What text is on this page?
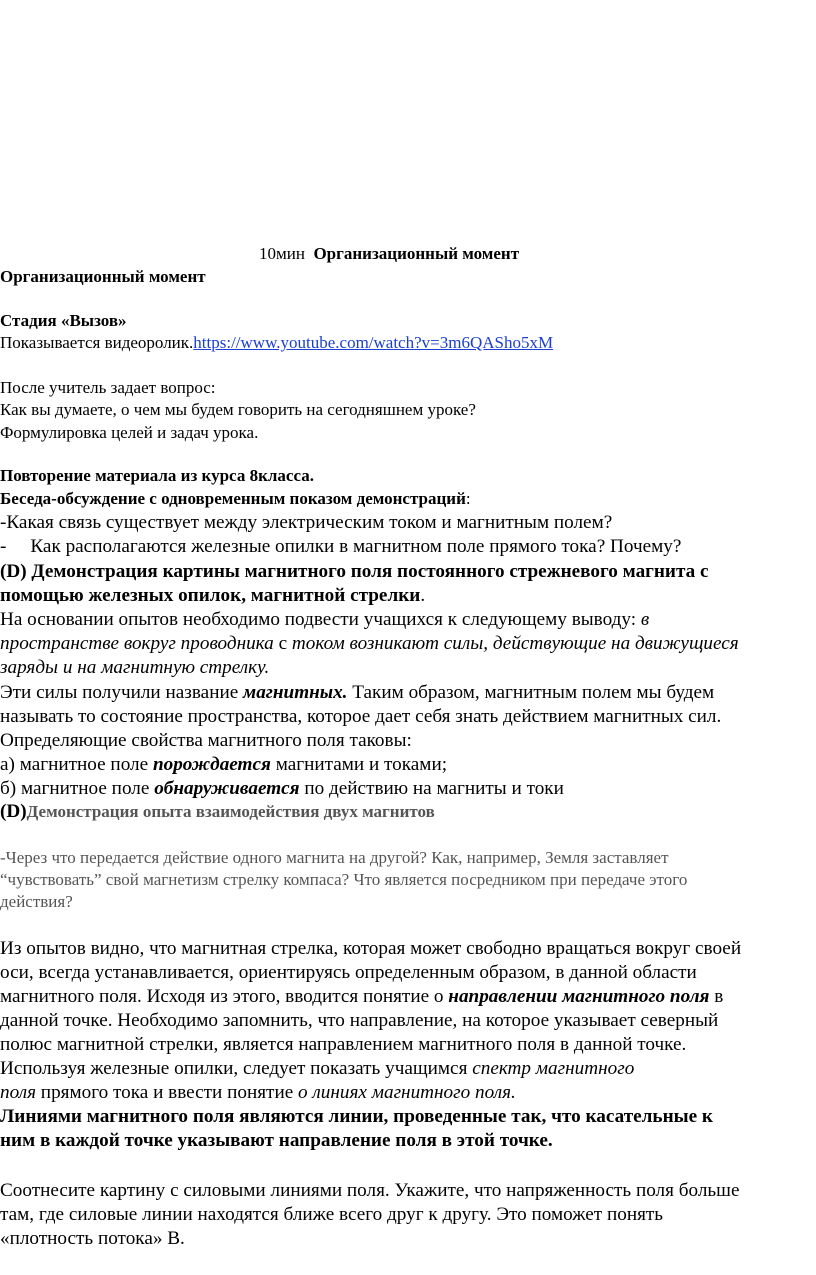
10мин Организационный момент
Организационный момент
Стадия «Вызов»
Показывается видеоролик.https://www.youtube.com/watch?v=3m6QAShо5xM
После учитель задает вопрос:
Как вы думаете, о чем мы будем говорить на сегодняшнем уроке?
Формулировка целей и задач урока.
Повторение материала из курса 8класса.
Беседа-обсуждение с одновременным показом демонстраций:
-Какая связь существует между электрическим током и магнитным полем?
- Как располагаются железные опилки в магнитном поле прямого тока? Почему?
(D) Демонстрация картины магнитного поля постоянного стрежневого магнита с
помощью железных опилок, магнитной стрелки.
На основании опытов необходимо подвести учащихся к следующему выводу: в
пространстве вокруг проводника с током возникают силы, действующие на движущиеся
заряды и на магнитную стрелку.
Эти силы получили название магнитных. Таким образом, магнитным полем мы будем
называть то состояние пространства, которое дает себя знать действием магнитных сил.
Определяющие свойства магнитного поля таковы:
а) магнитное поле порождается магнитами и токами;
б) магнитное поле обнаруживается по действию на магниты и токи
(D)Демонстрация опыта взаимодействия двух магнитов
-Через что передается действие одного магнита на другой? Как, например, Земля заставляет
“чувствовать” свой магнетизм стрелку компаса? Что является посредником при передаче этого
действия?
Из опытов видно, что магнитная стрелка, которая может свободно вращаться вокруг своей
оси, всегда устанавливается, ориентируясь определенным образом, в данной области
магнитного поля. Исходя из этого, вводится понятие о направлении магнитного поля в
данной точке. Необходимо запомнить, что направление, на которое указывает северный
полюс магнитной стрелки, является направлением магнитного поля в данной точке.
Используя железные опилки, следует показать учащимся спектр магнитного
поля прямого тока и ввести понятие о линиях магнитного поля.
Линиями магнитного поля являются линии, проведенные так, что касательные к
ним в каждой точке указывают направление поля в этой точке.
Соотнесите картину с силовыми линиями поля. Укажите, что напряженность поля больше
там, где силовые линии находятся ближе всего друг к другу. Это поможет понять
«плотность потока» В.
